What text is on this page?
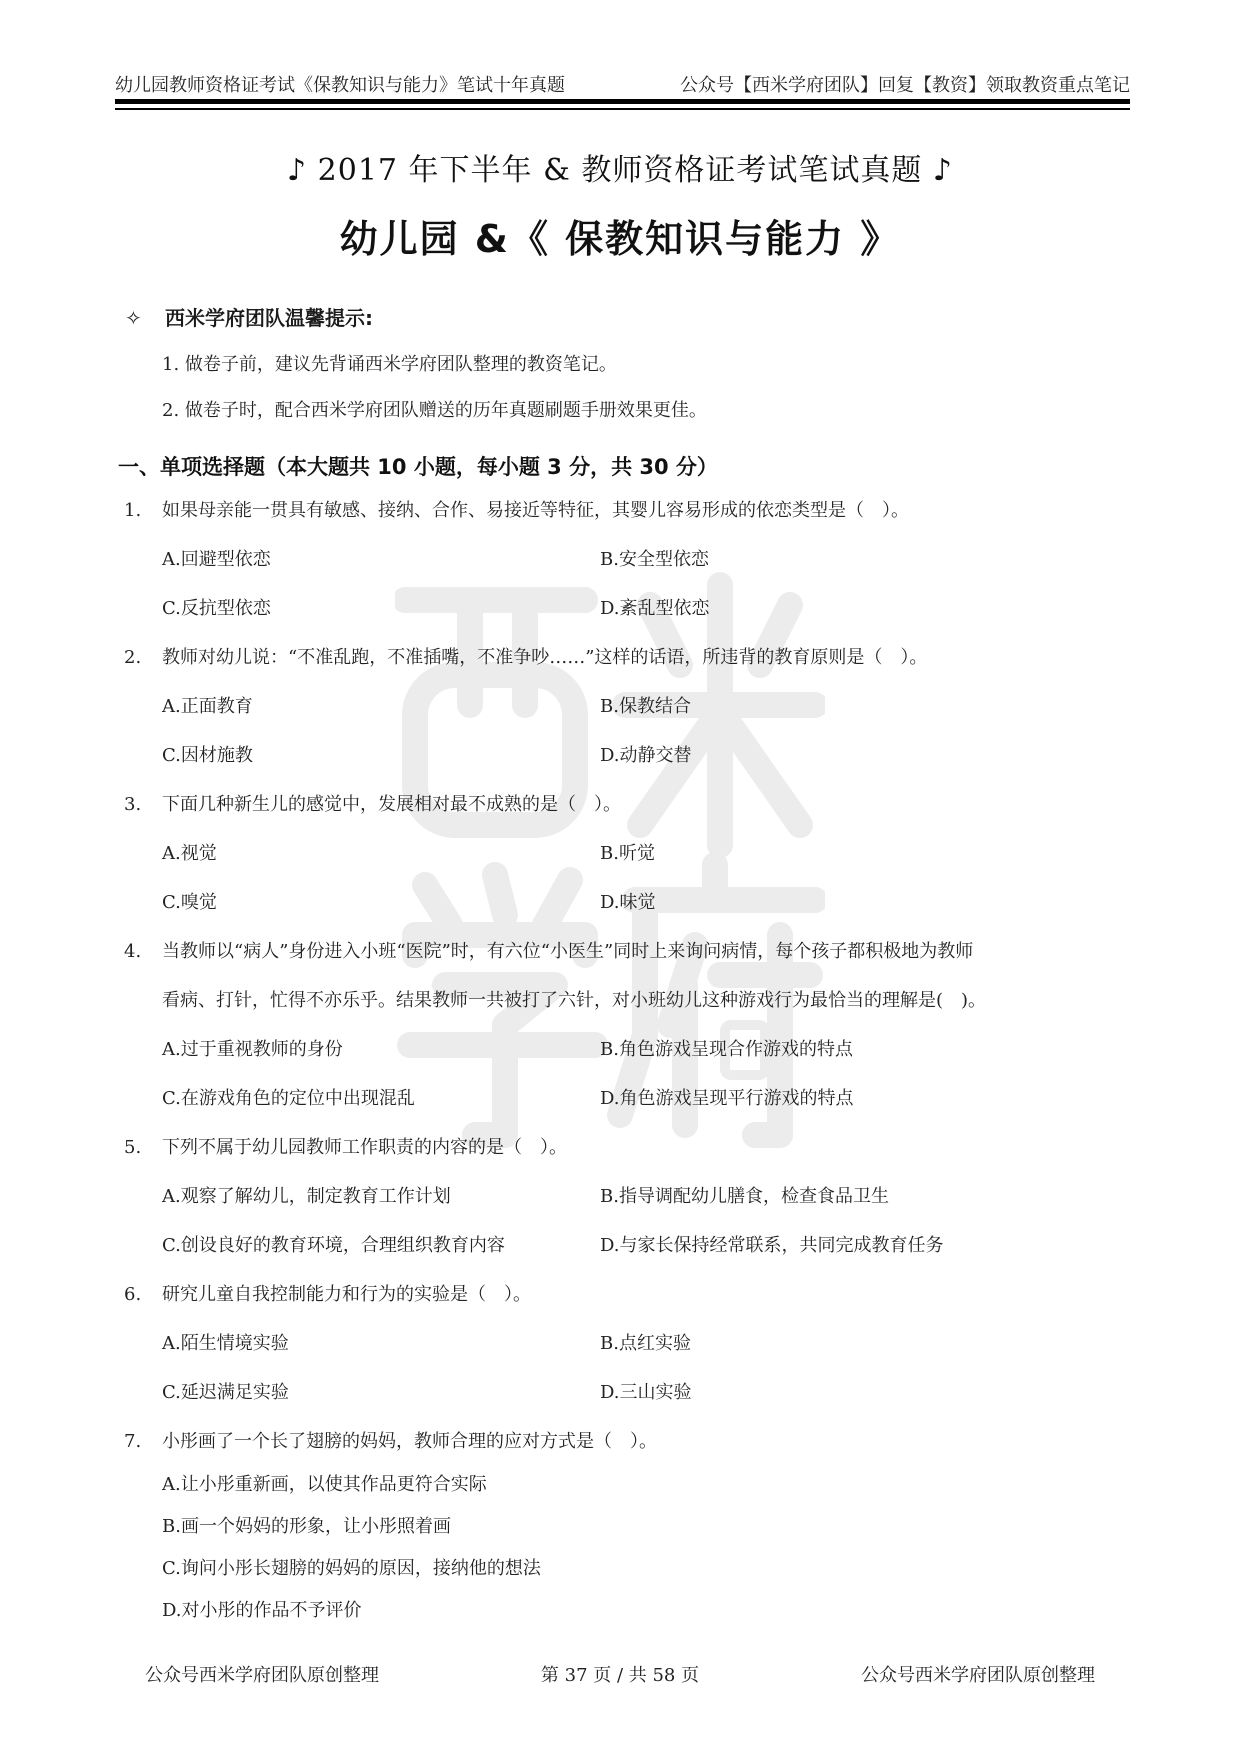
幼儿园教师资格证考试《保教知识与能力》笔试十年真题	公众号【西米学府团队】回复【教资】领取教资重点笔记
♪ 2017 年下半年 & 教师资格证考试笔试真题 ♪
幼儿园 &《 保教知识与能力 》
✧ 西米学府团队温馨提示:
1. 做卷子前，建议先背诵西米学府团队整理的教资笔记。
2. 做卷子时，配合西米学府团队赠送的历年真题刷题手册效果更佳。
一、单项选择题（本大题共 10 小题，每小题 3 分，共 30 分）
1. 如果母亲能一贯具有敏感、接纳、合作、易接近等特征，其婴儿容易形成的依恋类型是（　）。
A.回避型依恋	B.安全型依恋
C.反抗型依恋	D.紊乱型依恋
2. 教师对幼儿说：“不准乱跑，不准插嘴，不准争吵……”这样的话语，所违背的教育原则是（　）。
A.正面教育	B.保教结合
C.因材施教	D.动静交替
3. 下面几种新生儿的感觉中，发展相对最不成熟的是（　）。
A.视觉	B.听觉
C.嗅觉	D.味觉
4. 当教师以“病人”身份进入小班“医院”时，有六位“小医生”同时上来询问病情，每个孩子都积极地为教师
看病、打针，忙得不亦乐乎。结果教师一共被打了六针，对小班幼儿这种游戏行为最恰当的理解是(　)。
A.过于重视教师的身份	B.角色游戏呈现合作游戏的特点
C.在游戏角色的定位中出现混乱	D.角色游戏呈现平行游戏的特点
5. 下列不属于幼儿园教师工作职责的内容的是（　）。
A.观察了解幼儿，制定教育工作计划	B.指导调配幼儿膳食，检查食品卫生
C.创设良好的教育环境，合理组织教育内容	D.与家长保持经常联系，共同完成教育任务
6. 研究儿童自我控制能力和行为的实验是（　）。
A.陌生情境实验	B.点红实验
C.延迟满足实验	D.三山实验
7. 小彤画了一个长了翅膀的妈妈，教师合理的应对方式是（　）。
A.让小彤重新画，以使其作品更符合实际
B.画一个妈妈的形象，让小彤照着画
C.询问小彤长翅膀的妈妈的原因，接纳他的想法
D.对小彤的作品不予评价
公众号西米学府团队原创整理	第 37 页 / 共 58 页	公众号西米学府团队原创整理
